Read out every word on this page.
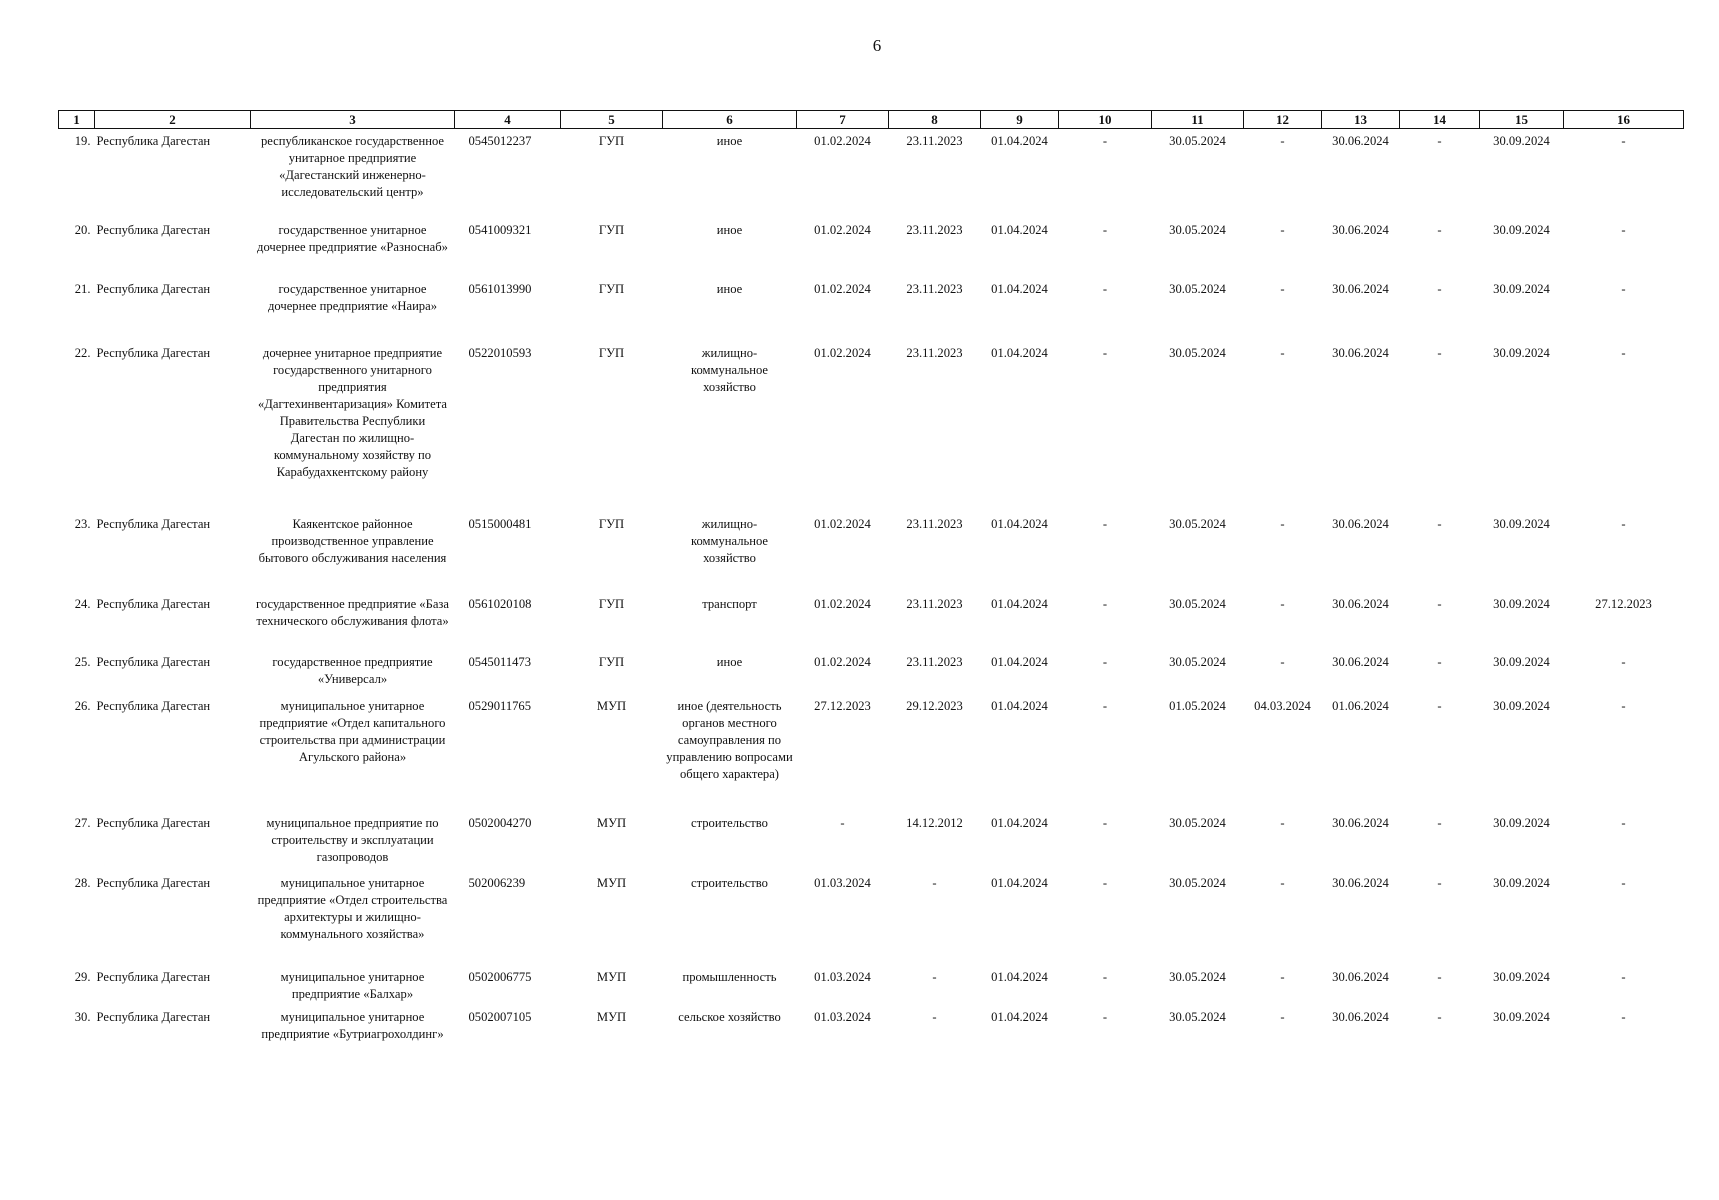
6
1	2	3	4	5	6	7	8	9	10	11	12	13	14	15	16
19.	Республика Дагестан	республиканское государственное унитарное предприятие «Дагестанский инженерно-исследовательский центр»	0545012237	ГУП	иное	01.02.2024	23.11.2023	01.04.2024	-	30.05.2024	-	30.06.2024	-	30.09.2024	-
20.	Республика Дагестан	государственное унитарное дочернее предприятие «Разноснаб»	0541009321	ГУП	иное	01.02.2024	23.11.2023	01.04.2024	-	30.05.2024	-	30.06.2024	-	30.09.2024	-
21.	Республика Дагестан	государственное унитарное дочернее предприятие «Наира»	0561013990	ГУП	иное	01.02.2024	23.11.2023	01.04.2024	-	30.05.2024	-	30.06.2024	-	30.09.2024	-
22.	Республика Дагестан	дочернее унитарное предприятие государственного унитарного предприятия «Дагтехинвентаризация» Комитета Правительства Республики Дагестан по жилищно-коммунальному хозяйству по Карабудахкентскому району	0522010593	ГУП	жилищно-коммунальное хозяйство	01.02.2024	23.11.2023	01.04.2024	-	30.05.2024	-	30.06.2024	-	30.09.2024	-
23.	Республика Дагестан	Каякентское районное производственное управление бытового обслуживания населения	0515000481	ГУП	жилищно-коммунальное хозяйство	01.02.2024	23.11.2023	01.04.2024	-	30.05.2024	-	30.06.2024	-	30.09.2024	-
24.	Республика Дагестан	государственное предприятие «База технического обслуживания флота»	0561020108	ГУП	транспорт	01.02.2024	23.11.2023	01.04.2024	-	30.05.2024	-	30.06.2024	-	30.09.2024	27.12.2023
25.	Республика Дагестан	государственное предприятие «Универсал»	0545011473	ГУП	иное	01.02.2024	23.11.2023	01.04.2024	-	30.05.2024	-	30.06.2024	-	30.09.2024	-
26.	Республика Дагестан	муниципальное унитарное предприятие «Отдел капитального строительства при администрации Агульского района»	0529011765	МУП	иное (деятельность органов местного самоуправления по управлению вопросами общего характера)	27.12.2023	29.12.2023	01.04.2024	-	01.05.2024	04.03.2024	01.06.2024	-	30.09.2024	-
27.	Республика Дагестан	муниципальное предприятие по строительству и эксплуатации газопроводов	0502004270	МУП	строительство	-	14.12.2012	01.04.2024	-	30.05.2024	-	30.06.2024	-	30.09.2024	-
28.	Республика Дагестан	муниципальное унитарное предприятие «Отдел строительства архитектуры и жилищно-коммунального хозяйства»	502006239	МУП	строительство	01.03.2024	-	01.04.2024	-	30.05.2024	-	30.06.2024	-	30.09.2024	-
29.	Республика Дагестан	муниципальное унитарное предприятие «Балхар»	0502006775	МУП	промышленность	01.03.2024	-	01.04.2024	-	30.05.2024	-	30.06.2024	-	30.09.2024	-
30.	Республика Дагестан	муниципальное унитарное предприятие «Бутриагрохолдинг»	0502007105	МУП	сельское хозяйство	01.03.2024	-	01.04.2024	-	30.05.2024	-	30.06.2024	-	30.09.2024	-
